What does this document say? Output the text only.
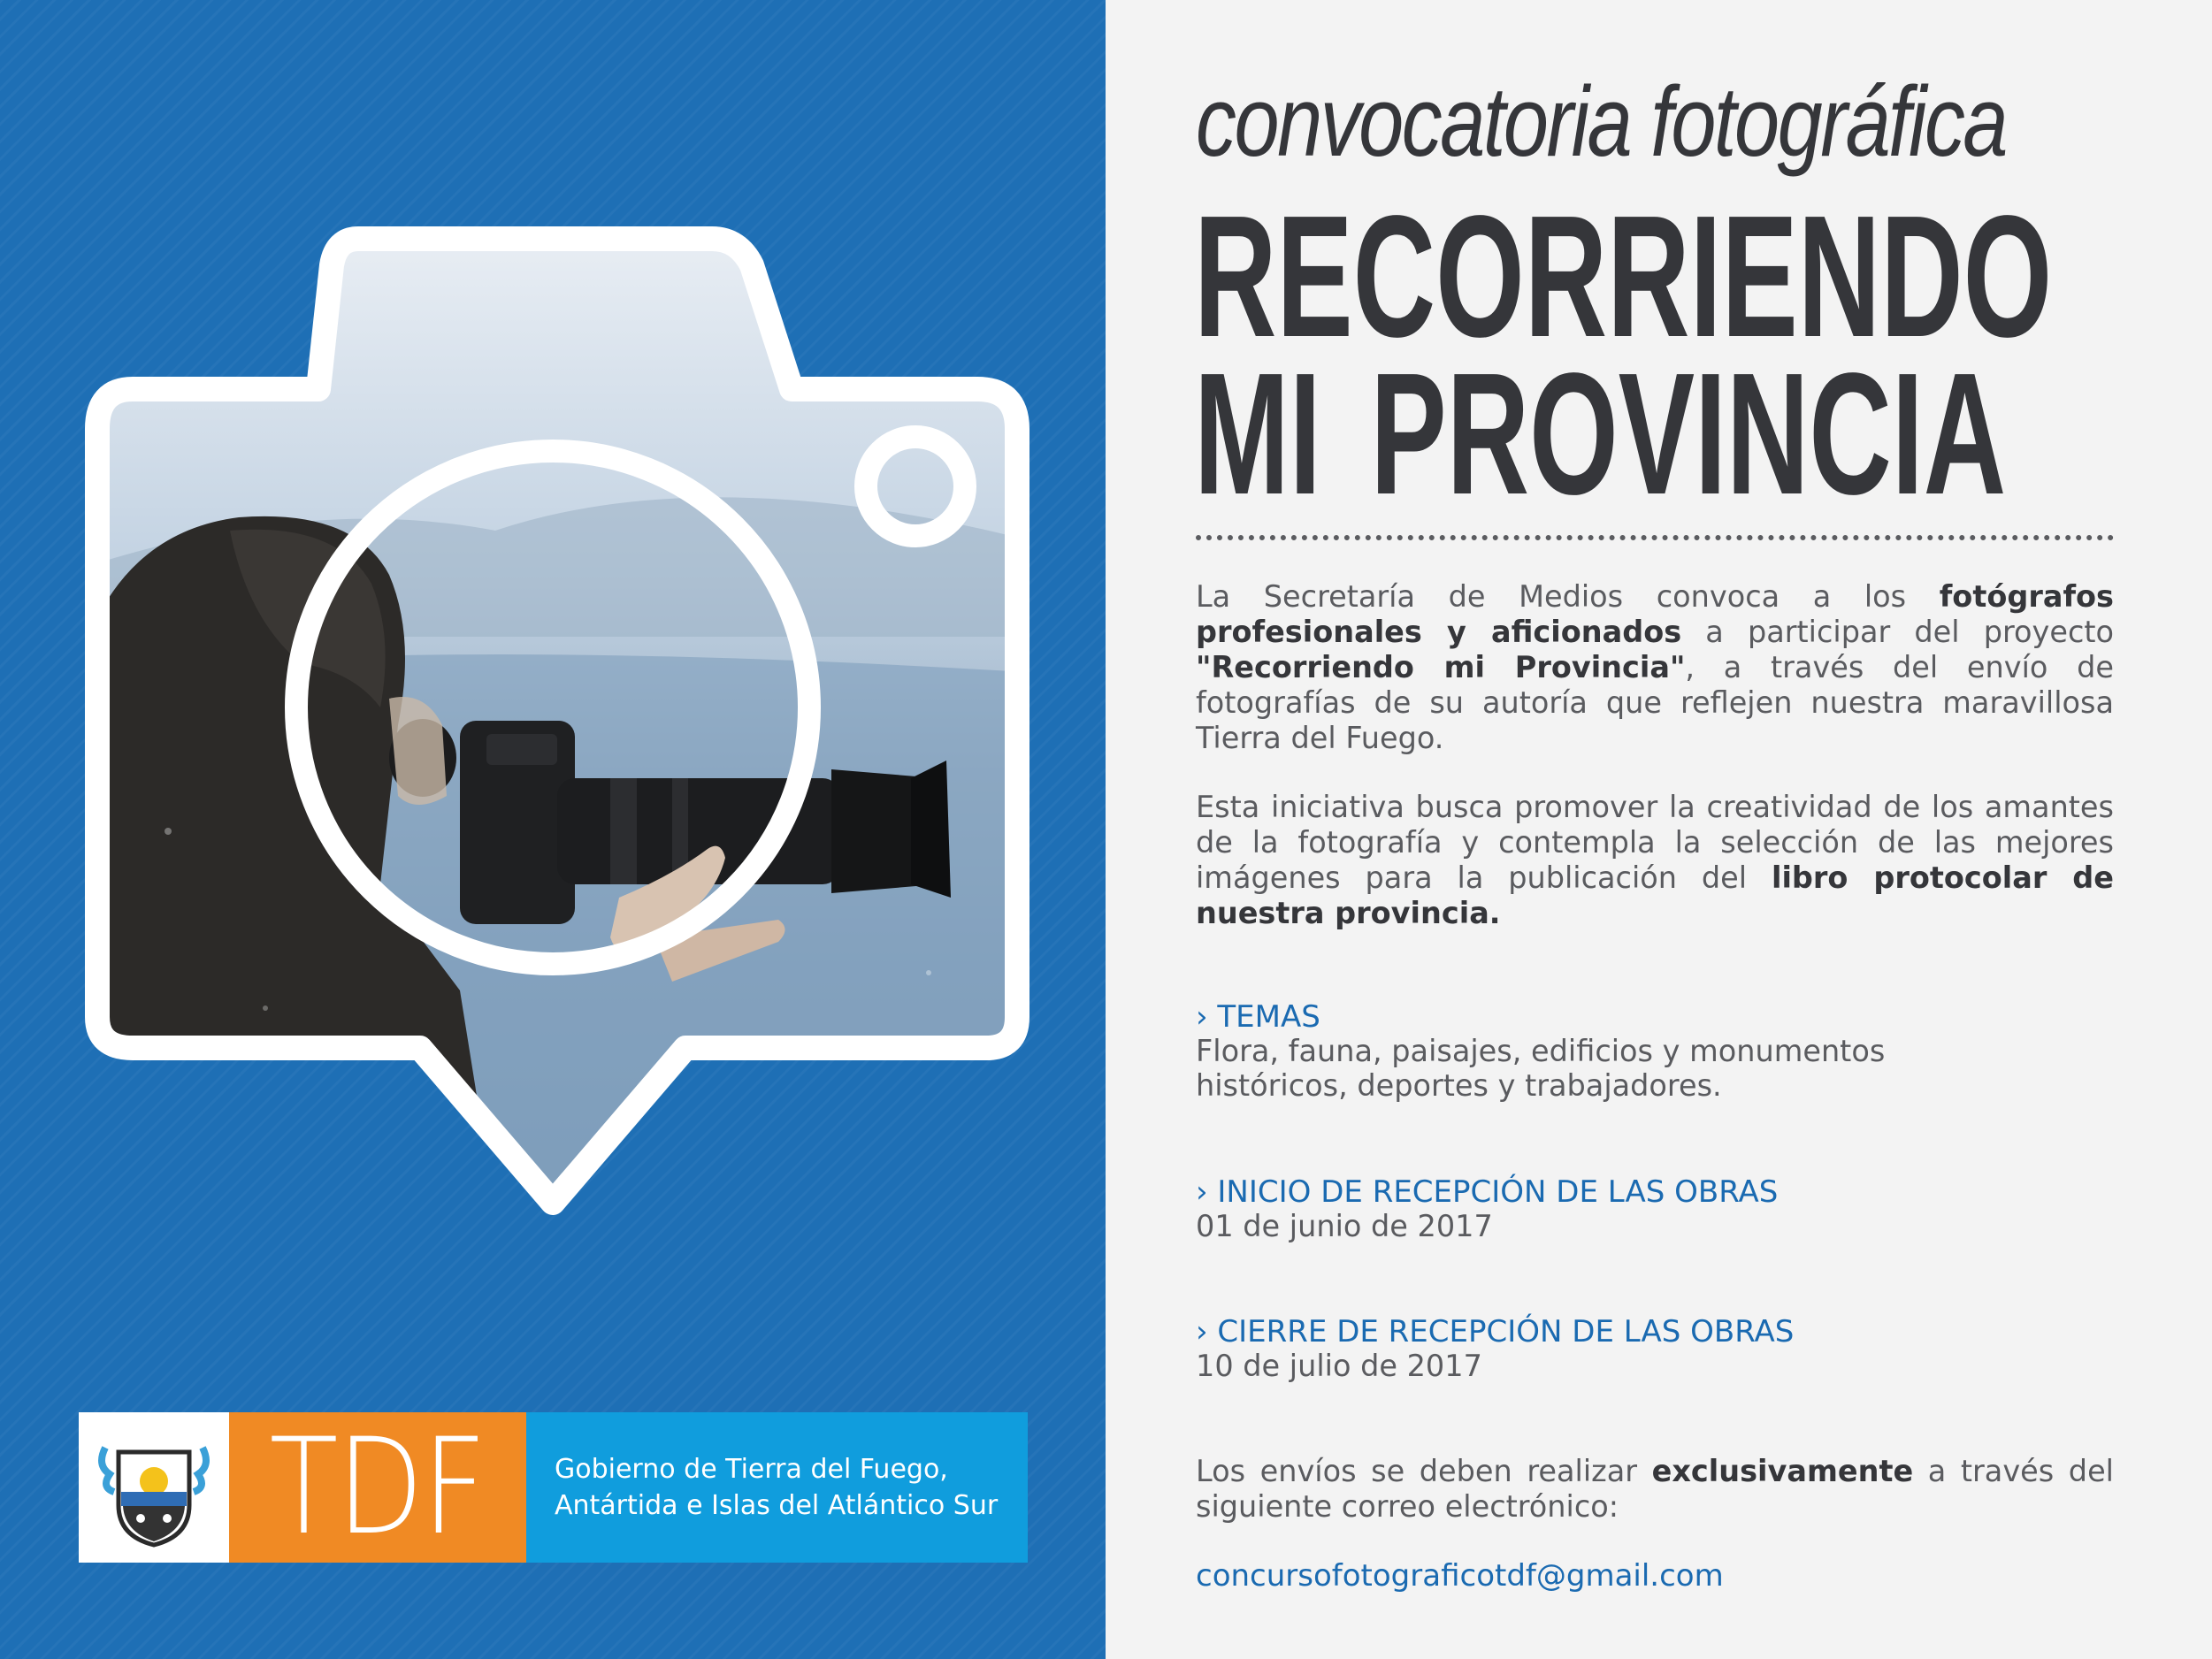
TDF	Gobierno de Tierra del Fuego,
Antártida e Islas del Atlántico Sur
convocatoria fotográfica
RECORRIENDO
MI PROVINCIA
La Secretaría de Medios convoca a los fotógrafos profesionales y aficionados a participar del proyecto "Recorriendo mi Provincia", a través del envío de fotografías de su autoría que reflejen nuestra maravillosa Tierra del Fuego.
Esta iniciativa busca promover la creatividad de los amantes de la fotografía y contempla la selección de las mejores imágenes para la publicación del libro protocolar de nuestra provincia.
› TEMAS
Flora, fauna, paisajes, edificios y monumentos
históricos, deportes y trabajadores.
› INICIO DE RECEPCIÓN DE LAS OBRAS
01 de junio de 2017
› CIERRE DE RECEPCIÓN DE LAS OBRAS
10 de julio de 2017
Los envíos se deben realizar exclusivamente a través del siguiente correo electrónico:
concursofotograficotdf@gmail.com
